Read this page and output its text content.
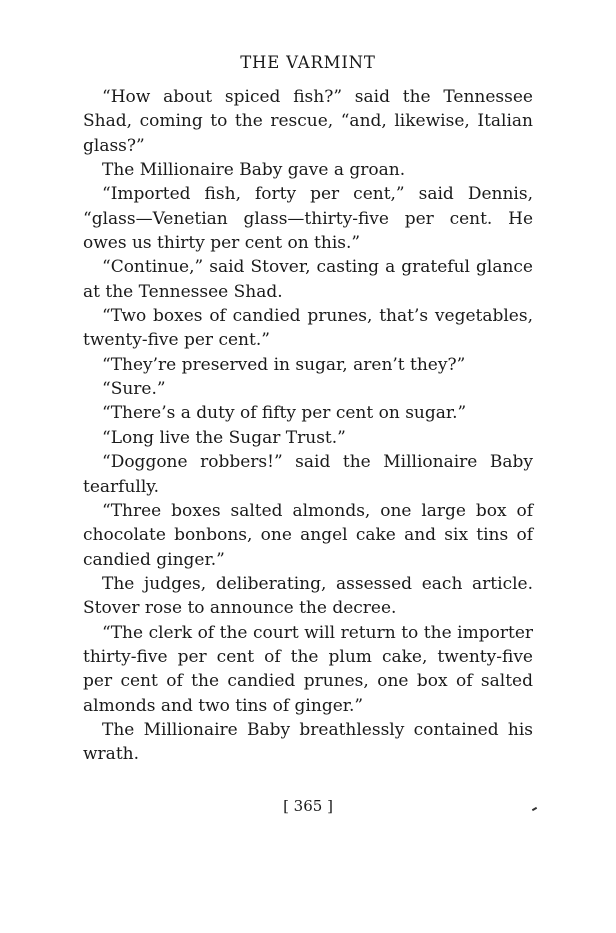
THE VARMINT

“How about spiced fish?” said the Tennessee Shad, coming to the rescue, “and, likewise, Italian glass?”

The Millionaire Baby gave a groan.

“Imported fish, forty per cent,” said Dennis, “glass—Venetian glass—thirty-five per cent. He owes us thirty per cent on this.”

“Continue,” said Stover, casting a grateful glance at the Tennessee Shad.

“Two boxes of candied prunes, that’s vegetables, twenty-five per cent.”

“They’re preserved in sugar, aren’t they?”

“Sure.”

“There’s a duty of fifty per cent on sugar.”

“Long live the Sugar Trust.”

“Doggone robbers!” said the Millionaire Baby tearfully.

“Three boxes salted almonds, one large box of chocolate bonbons, one angel cake and six tins of candied ginger.”

The judges, deliberating, assessed each article. Stover rose to announce the decree.

“The clerk of the court will return to the importer thirty-five per cent of the plum cake, twenty-five per cent of the candied prunes, one box of salted almonds and two tins of ginger.”

The Millionaire Baby breathlessly contained his wrath.

[ 365 ]
